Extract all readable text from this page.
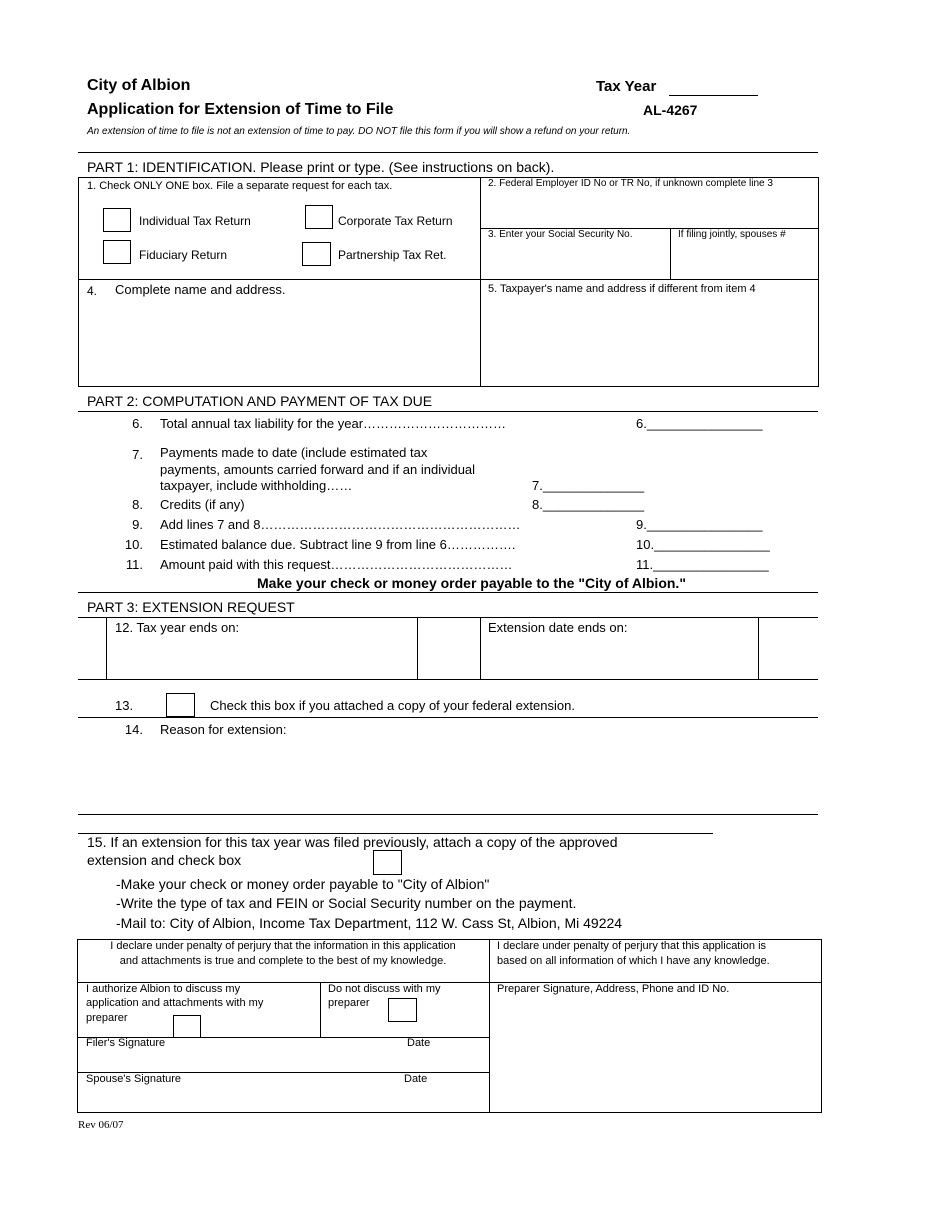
City of Albion
Application for Extension of Time to File
Tax Year
AL-4267
An extension of time to file is not an extension of time to pay. DO NOT file this form if you will show a refund on your return.
PART 1: IDENTIFICATION. Please print or type. (See instructions on back).
1. Check ONLY ONE box. File a separate request for each tax.
Individual Tax Return	Corporate Tax Return
Fiduciary Return	Partnership Tax Ret.
2. Federal Employer ID No or TR No, if unknown complete line 3
3. Enter your Social Security No.	If filing jointly, spouses #
4. Complete name and address.	5. Taxpayer's name and address if different from item 4
PART 2: COMPUTATION AND PAYMENT OF TAX DUE
6. Total annual tax liability for the year……………………………	6.________________
7. Payments made to date (include estimated tax
payments, amounts carried forward and if an individual
taxpayer, include withholding……	7.______________
8. Credits (if any)	8.______________
9. Add lines 7 and 8……………………………………………………	9.________________
10. Estimated balance due. Subtract line 9 from line 6…………….	10.________________
11. Amount paid with this request……………………………………	11.________________
Make your check or money order payable to the "City of Albion."
PART 3: EXTENSION REQUEST
12. Tax year ends on:	Extension date ends on:
13.	Check this box if you attached a copy of your federal extension.
14. Reason for extension:
15. If an extension for this tax year was filed previously, attach a copy of the approved
extension and check box
-Make your check or money order payable to "City of Albion"
-Write the type of tax and FEIN or Social Security number on the payment.
-Mail to: City of Albion, Income Tax Department, 112 W. Cass St, Albion, Mi 49224
I declare under penalty of perjury that the information in this application
and attachments is true and complete to the best of my knowledge.
I declare under penalty of perjury that this application is
based on all information of which I have any knowledge.
I authorize Albion to discuss my
application and attachments with my
preparer
Do not discuss with my
preparer
Preparer Signature, Address, Phone and ID No.
Filer's Signature	Date
Spouse's Signature	Date
Rev 06/07
